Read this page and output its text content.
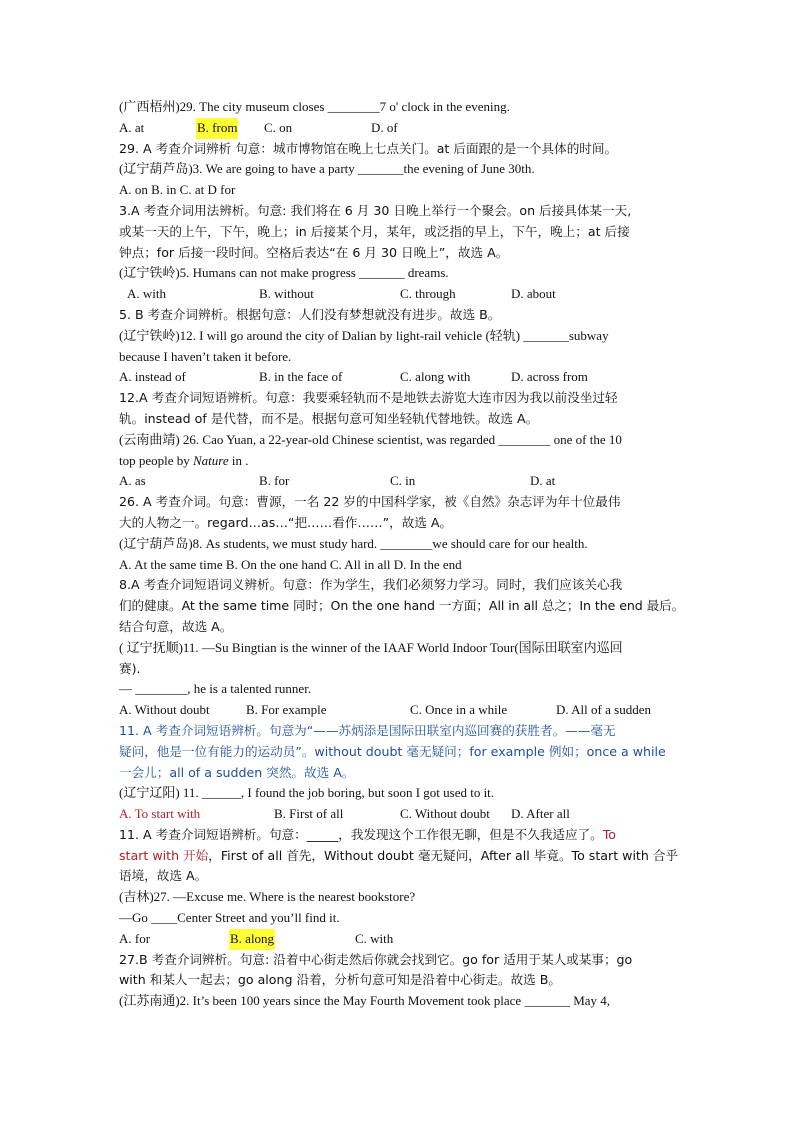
(广西梧州)29. The city museum closes ________7 o' clock in the evening.
A. at	B. from C. on	D. of
29. A 考查介词辨析 句意：城市博物馆在晚上七点关门。at 后面跟的是一个具体的时间。
(辽宁葫芦岛)3. We are going to have a party _______the evening of June 30th.
A. on B. in C. at D for
3.A 考查介词用法辨析。句意: 我们将在 6 月 30 日晚上举行一个聚会。on 后接具体某一天,
或某一天的上午，下午，晚上；in 后接某个月，某年，或泛指的早上，下午，晚上；at 后接
钟点；for 后接一段时间。空格后表达“在 6 月 30 日晚上”，故选 A。
(辽宁铁岭)5. Humans can not make progress _______ dreams.
A. with	B. without	C. through	D. about
5. B 考查介词辨析。根据句意：人们没有梦想就没有进步。故选 B。
(辽宁铁岭)12. I will go around the city of Dalian by light-rail vehicle (轻轨) _______subway
because I haven’t taken it before.
A. instead of	B. in the face of	C. along with	D. across from
12.A 考查介词短语辨析。句意：我要乘轻轨而不是地铁去游览大连市因为我以前没坐过轻
轨。instead of 是代替，而不是。根据句意可知坐轻轨代替地铁。故选 A。
(云南曲靖) 26. Cao Yuan, a 22-year-old Chinese scientist, was regarded ________ one of the 10
top people by Nature in .
A. as	B. for	C. in	D. at
26. A 考查介词。句意：曹源，一名 22 岁的中国科学家，被《自然》杂志评为年十位最伟
大的人物之一。regard…as…“把……看作……”，故选 A。
(辽宁葫芦岛)8. As students, we must study hard. ________we should care for our health.
A. At the same time B. On the one hand C. All in all D. In the end
8.A 考查介词短语词义辨析。句意：作为学生，我们必须努力学习。同时，我们应该关心我
们的健康。At the same time 同时；On the one hand 一方面；All in all 总之；In the end 最后。
结合句意，故选 A。
( 辽宁抚顺)11. —Su Bingtian is the winner of the IAAF World Indoor Tour(国际田联室内巡回
赛).
— ________, he is a talented runner.
A. Without doubt	B. For example	C. Once in a while	D. All of a sudden
11. A 考查介词短语辨析。句意为“——苏炳添是国际田联室内巡回赛的获胜者。——毫无
疑问，他是一位有能力的运动员”。without doubt 毫无疑问；for example 例如；once a while
一会儿；all of a sudden 突然。故选 A。
(辽宁辽阳) 11. ______, I found the job boring, but soon I got used to it.
A. To start with	B. First of all	C. Without doubt D. After all
11. A 考查介词短语辨析。句意：_____，我发现这个工作很无聊，但是不久我适应了。To
start with 开始，First of all 首先，Without doubt 毫无疑问，After all 毕竟。To start with 合乎
语境，故选 A。
(吉林)27. —Excuse me. Where is the nearest bookstore?
—Go ____Center Street and you’ll find it.
A. for	B. along	C. with
27.B 考查介词辨析。句意: 沿着中心街走然后你就会找到它。go for 适用于某人或某事；go
with 和某人一起去；go along 沿着，分析句意可知是沿着中心街走。故选 B。
(江苏南通)2. It’s been 100 years since the May Fourth Movement took place _______ May 4,
